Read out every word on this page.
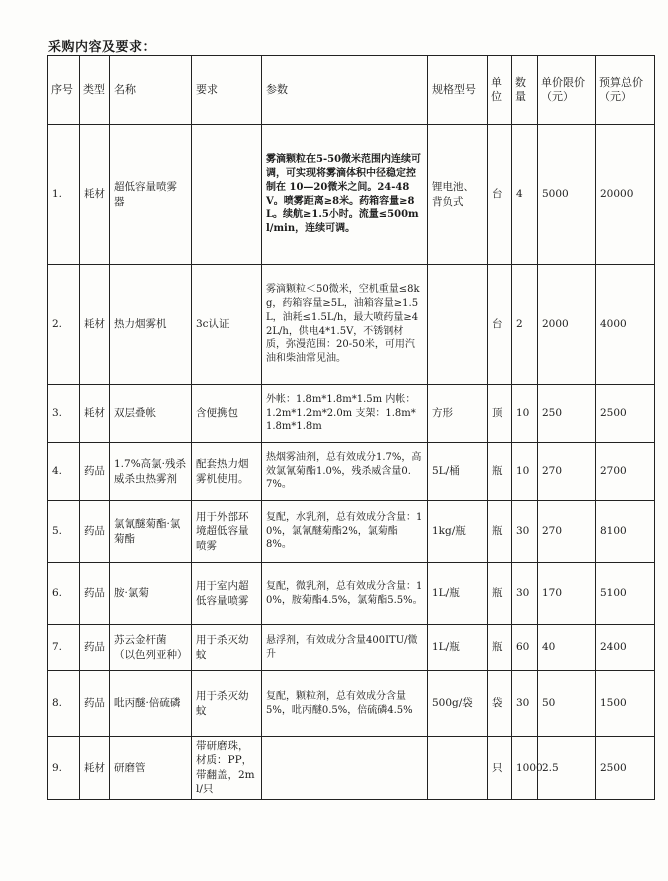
采购内容及要求：
序号	类型	名称	要求	参数	规格型号	单位	数量	单价限价（元）	预算总价（元）
1.	耗材	超低容量喷雾器		雾滴颗粒在5-50微米范围内连续可调，可实现将雾滴体积中径稳定控制在 10—20微米之间。24-48V。喷雾距离≥8米。药箱容量≥8L。续航≥1.5小时。流量≤500ml/min，连续可调。	锂电池、背负式	台	4	5000	20000
2.	耗材	热力烟雾机	3c认证	雾滴颗粒＜50微米，空机重量≤8kg，药箱容量≥5L，油箱容量≥1.5L，油耗≤1.5L/h，最大喷药量≥42L/h，供电4*1.5V，不锈钢材质，弥漫范围：20-50米，可用汽油和柴油常见油。		台	2	2000	4000
3.	耗材	双层叠帐	含便携包	外帐：1.8m*1.8m*1.5m 内帐：1.2m*1.2m*2.0m 支架：1.8m*1.8m*1.8m	方形	顶	10	250	2500
4.	药品	1.7%高氯·残杀威杀虫热雾剂	配套热力烟雾机使用。	热烟雾油剂，总有效成分1.7%，高效氯氰菊酯1.0%，残杀威含量0.7%。	5L/桶	瓶	10	270	2700
5.	药品	氯氰醚菊酯·氯菊酯	用于外部环境超低容量喷雾	复配，水乳剂，总有效成分含量：10%，氯氰醚菊酯2%，氯菊酯8%。	1kg/瓶	瓶	30	270	8100
6.	药品	胺·氯菊	用于室内超低容量喷雾	复配，微乳剂，总有效成分含量：10%，胺菊酯4.5%，氯菊酯5.5%。	1L/瓶	瓶	30	170	5100
7.	药品	苏云金杆菌（以色列亚种）	用于杀灭幼蚊	悬浮剂，有效成分含量400ITU/微升	1L/瓶	瓶	60	40	2400
8.	药品	吡丙醚·倍硫磷	用于杀灭幼蚊	复配，颗粒剂，总有效成分含量5%，吡丙醚0.5%，倍硫磷4.5%	500g/袋	袋	30	50	1500
9.	耗材	研磨管	带研磨珠，材质：PP，带翻盖，2ml/只			只	1000	2.5	2500
